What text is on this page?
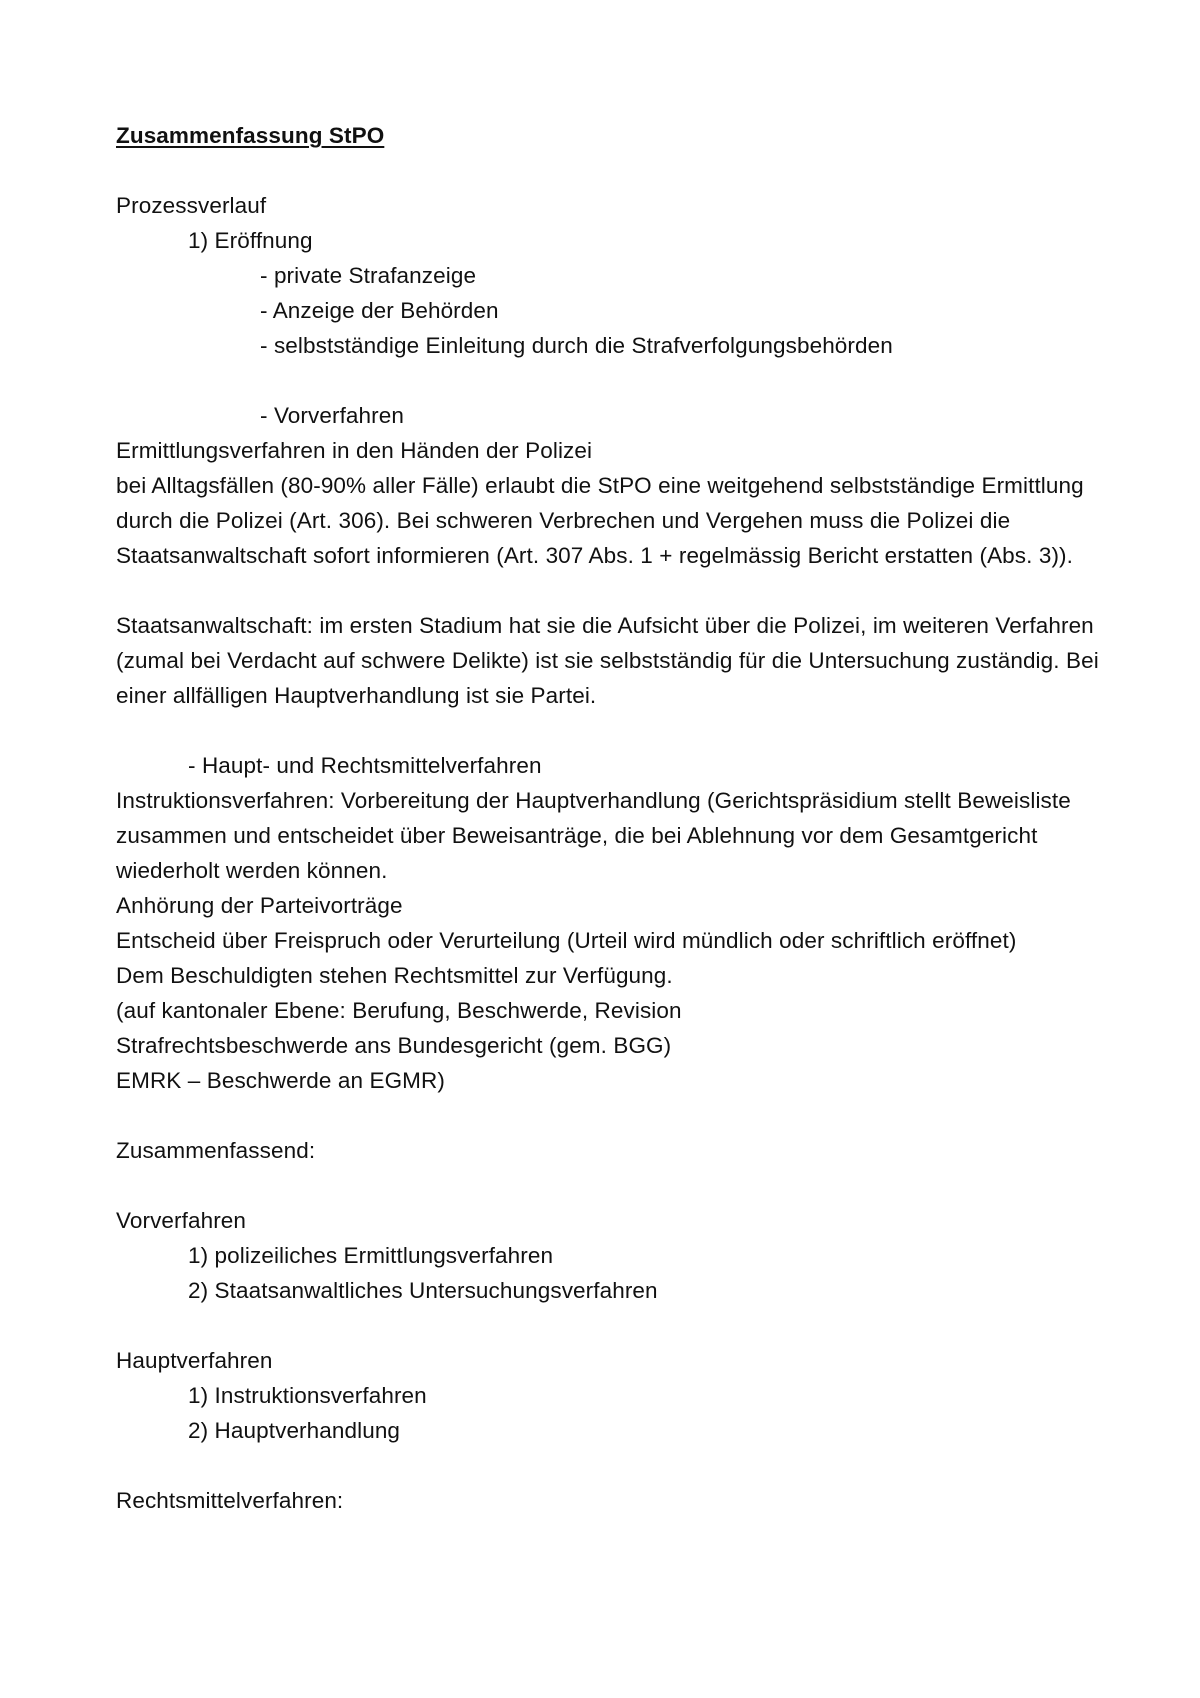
Zusammenfassung StPO
Prozessverlauf
1) Eröffnung
- private Strafanzeige
- Anzeige der Behörden
- selbstständige Einleitung durch die Strafverfolgungsbehörden
- Vorverfahren
Ermittlungsverfahren in den Händen der Polizei
bei Alltagsfällen (80-90% aller Fälle) erlaubt die StPO eine weitgehend selbstständige Ermittlung durch die Polizei (Art. 306). Bei schweren Verbrechen und Vergehen muss die Polizei die Staatsanwaltschaft sofort informieren (Art. 307 Abs. 1 + regelmässig Bericht erstatten (Abs. 3)).
Staatsanwaltschaft: im ersten Stadium hat sie die Aufsicht über die Polizei, im weiteren Verfahren (zumal bei Verdacht auf schwere Delikte) ist sie selbstständig für die Untersuchung zuständig. Bei einer allfälligen Hauptverhandlung ist sie Partei.
- Haupt- und Rechtsmittelverfahren
Instruktionsverfahren: Vorbereitung der Hauptverhandlung (Gerichtspräsidium stellt Beweisliste zusammen und entscheidet über Beweisanträge, die bei Ablehnung vor dem Gesamtgericht wiederholt werden können.
Anhörung der Parteivorträge
Entscheid über Freispruch oder Verurteilung (Urteil wird mündlich oder schriftlich eröffnet)
Dem Beschuldigten stehen Rechtsmittel zur Verfügung.
(auf kantonaler Ebene: Berufung, Beschwerde, Revision
Strafrechtsbeschwerde ans Bundesgericht (gem. BGG)
EMRK – Beschwerde an EGMR)
Zusammenfassend:
Vorverfahren
1) polizeiliches Ermittlungsverfahren
2) Staatsanwaltliches Untersuchungsverfahren
Hauptverfahren
1) Instruktionsverfahren
2) Hauptverhandlung
Rechtsmittelverfahren:
